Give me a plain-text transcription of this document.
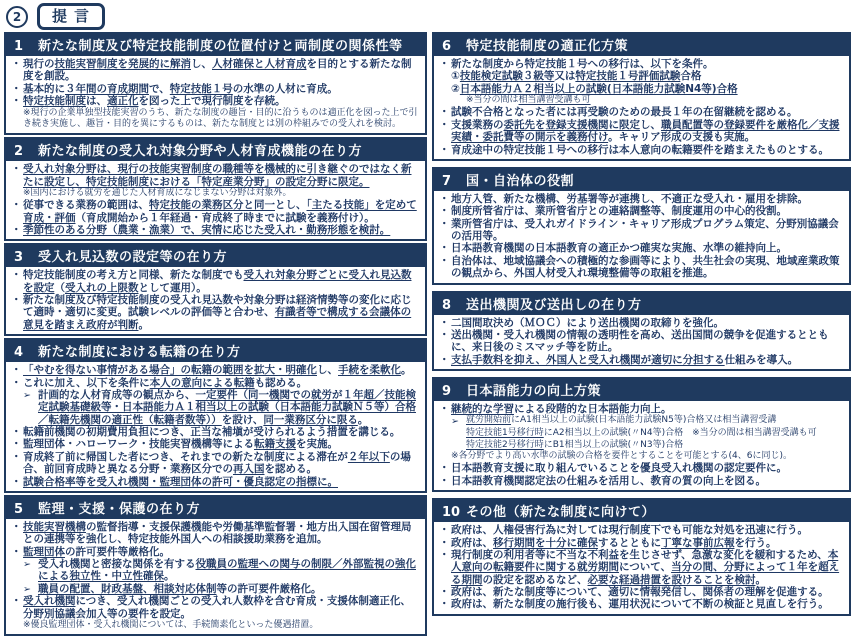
2	提言
1	新たな制度及び特定技能制度の位置付けと両制度の関係性等
・ 現行の技能実習制度を発展的に解消し、人材確保と人材育成を目的とする新たな制度を創設。
・ 基本的に３年間の育成期間で、特定技能１号の水準の人材に育成。
・ 特定技能制度は、適正化を図った上で現行制度を存続。
※現行の企業単独型技能実習のうち、新たな制度の趣旨・目的に沿うものは適正化を図った上で引き続き実施し、趣旨・目的を異にするものは、新たな制度とは別の枠組みでの受入れを検討。
2	新たな制度の受入れ対象分野や人材育成機能の在り方
・ 受入れ対象分野は、現行の技能実習制度の職種等を機械的に引き継ぐのではなく新たに設定し、特定技能制度における「特定産業分野」の設定分野に限定。
※国内における就労を通じた人材育成になじまない分野は対象外。
・ 従事できる業務の範囲は、特定技能の業務区分と同一とし、「主たる技能」を定めて育成・評価（育成開始から１年経過・育成終了時までに試験を義務付け）。
・ 季節性のある分野（農業・漁業）で、実情に応じた受入れ・勤務形態を検討。
3	受入れ見込数の設定等の在り方
・ 特定技能制度の考え方と同様、新たな制度でも受入れ対象分野ごとに受入れ見込数を設定（受入れの上限数として運用）。
・ 新たな制度及び特定技能制度の受入れ見込数や対象分野は経済情勢等の変化に応じて適時・適切に変更。試験レベルの評価等と合わせ、有識者等で構成する会議体の意見を踏まえ政府が判断。
4	新たな制度における転籍の在り方
・ 「やむを得ない事情がある場合」の転籍の範囲を拡大・明確化し、手続を柔軟化。
・ これに加え、以下を条件に本人の意向による転籍も認める。
➢ 計画的な人材育成等の観点から、一定要件（同一機関での就労が１年超／技能検定試験基礎級等・日本語能力Ａ１相当以上の試験（日本語能力試験Ｎ５等）合格／転籍先機関の適正性（転籍者数等））を設け、同一業務区分に限る。
・ 転籍前機関の初期費用負担につき、正当な補塡が受けられるよう措置を講じる。
・ 監理団体・ハローワーク・技能実習機構等による転籍支援を実施。
・ 育成終了前に帰国した者につき、それまでの新たな制度による滞在が２年以下の場合、前回育成時と異なる分野・業務区分での再入国を認める。
・ 試験合格率等を受入れ機関・監理団体の許可・優良認定の指標に。
5	監理・支援・保護の在り方
・ 技能実習機構の監督指導・支援保護機能や労働基準監督署・地方出入国在留管理局との連携等を強化し、特定技能外国人への相談援助業務を追加。
・ 監理団体の許可要件等厳格化。
➢ 受入れ機関と密接な関係を有する役職員の監理への関与の制限／外部監視の強化による独立性・中立性確保。
➢ 職員の配置、財政基盤、相談対応体制等の許可要件厳格化。
・ 受入れ機関につき、受入れ機関ごとの受入れ人数枠を含む育成・支援体制適正化、分野別協議会加入等の要件を設定。
※優良監理団体・受入れ機関については、手続簡素化といった優遇措置。
6	特定技能制度の適正化方策
・ 新たな制度から特定技能１号への移行は、以下を条件。
①技能検定試験３級等又は特定技能１号評価試験合格
②日本語能力Ａ２相当以上の試験(日本語能力試験N4等)合格
※当分の間は相当講習受講も可
・ 試験不合格となった者には再受験のための最長１年の在留継続を認める。
・ 支援業務の委託先を登録支援機関に限定し、職員配置等の登録要件を厳格化／支援実績・委託費等の開示を義務付け。キャリア形成の支援も実施。
・ 育成途中の特定技能１号への移行は本人意向の転籍要件を踏まえたものとする。
7	国・自治体の役割
・ 地方入管、新たな機構、労基署等が連携し、不適正な受入れ・雇用を排除。
・ 制度所管省庁は、業所管省庁との連絡調整等、制度運用の中心的役割。
・ 業所管省庁は、受入れガイドライン・キャリア形成プログラム策定、分野別協議会の活用等。
・ 日本語教育機関の日本語教育の適正かつ確実な実施、水準の維持向上。
・ 自治体は、地域協議会への積極的な参画等により、共生社会の実現、地域産業政策の観点から、外国人材受入れ環境整備等の取組を推進。
8	送出機関及び送出しの在り方
・ 二国間取決め（ＭＯＣ）により送出機関の取締りを強化。
・ 送出機関・受入れ機関の情報の透明性を高め、送出国間の競争を促進するとともに、来日後のミスマッチ等を防止。
・ 支払手数料を抑え、外国人と受入れ機関が適切に分担する仕組みを導入。
9	日本語能力の向上方策
・ 継続的な学習による段階的な日本語能力向上。
➢ 就労開始前にA1相当以上の試験(日本語能力試験N5等)合格又は相当講習受講
特定技能1号移行時にA2相当以上の試験(〃N4等)合格　※当分の間は相当講習受講も可
特定技能2号移行時にB1相当以上の試験(〃N3等)合格
※各分野でより高い水準の試験の合格を要件とすることを可能とする(4、6に同じ)。
・ 日本語教育支援に取り組んでいることを優良受入れ機関の認定要件に。
・ 日本語教育機関認定法の仕組みを活用し、教育の質の向上を図る。
10 その他（新たな制度に向けて）
・ 政府は、人権侵害行為に対しては現行制度下でも可能な対処を迅速に行う。
・ 政府は、移行期間を十分に確保するとともに丁寧な事前広報を行う。
・ 現行制度の利用者等に不当な不利益を生じさせず、急激な変化を緩和するため、本人意向の転籍要件に関する就労期間について、当分の間、分野によって１年を超える期間の設定を認めるなど、必要な経過措置を設けることを検討。
・ 政府は、新たな制度等について、適切に情報発信し、関係者の理解を促進する。
・ 政府は、新たな制度の施行後も、運用状況について不断の検証と見直しを行う。
